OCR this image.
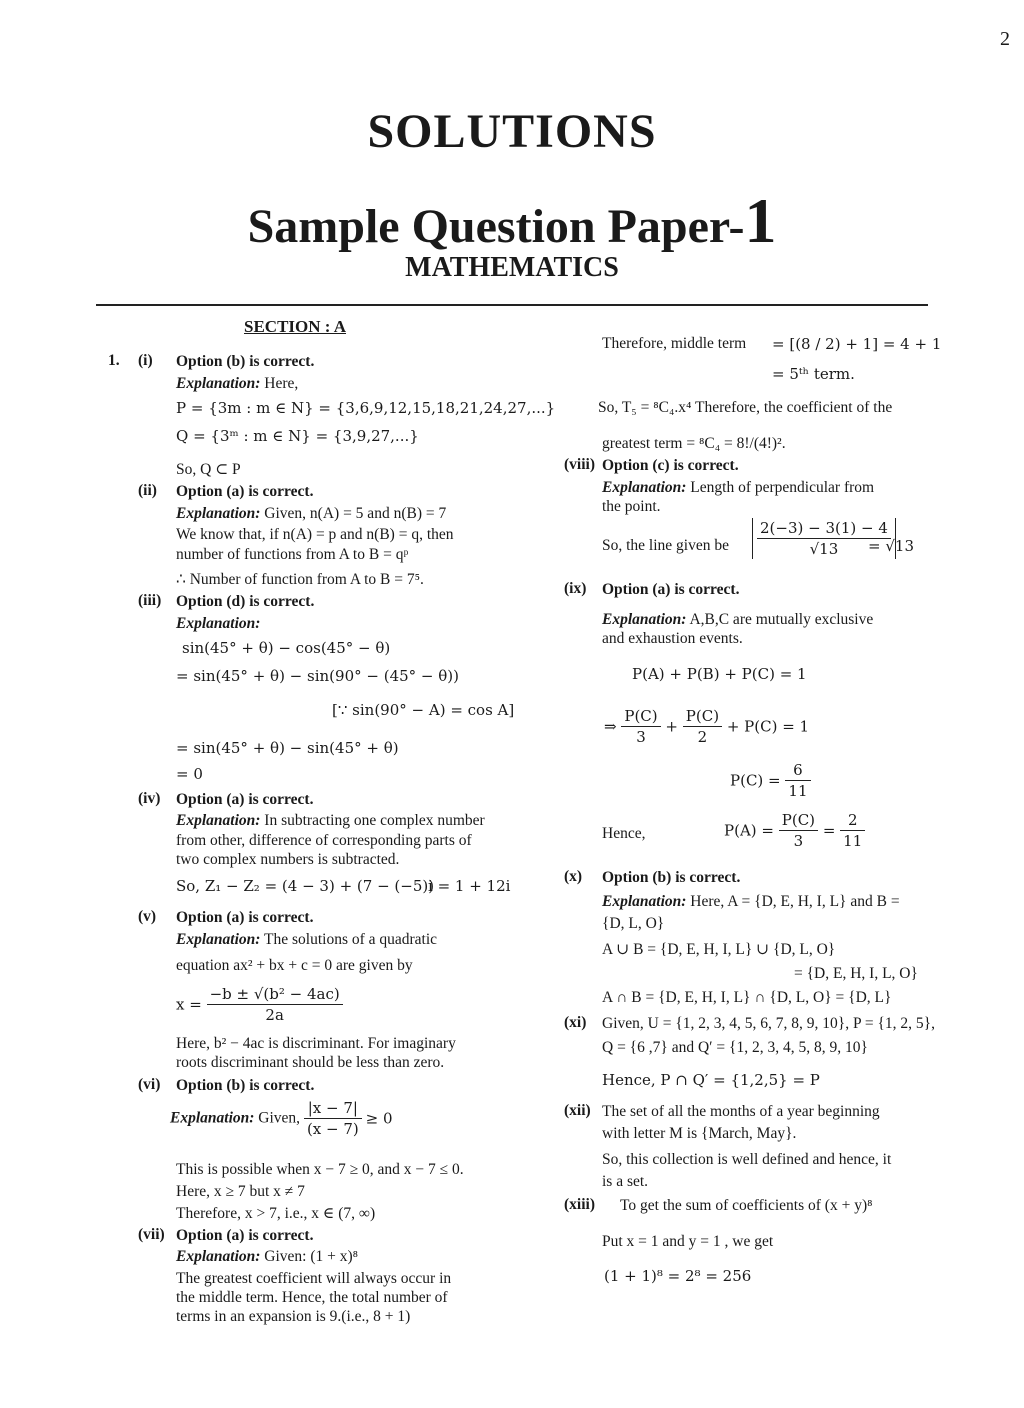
2
SOLUTIONS
Sample Question Paper-1
MATHEMATICS
SECTION : A
1. (i) Option (b) is correct.
Explanation: Here,
P = {3m : m ∈ N} = {3,6,9,12,15,18,21,24,27,...}
Q = {3ᵐ : m ∈ N} = {3,9,27,...}
So, Q ⊂ P
(ii) Option (a) is correct.
Explanation: Given, n(A) = 5 and n(B) = 7
We know that, if n(A) = p and n(B) = q, then
number of functions from A to B = qᵖ
∴ Number of function from A to B = 7⁵.
(iii) Option (d) is correct.
Explanation:
sin(45° + θ) − cos(45° − θ)
= sin(45° + θ) − sin(90° − (45° − θ))
[∵ sin(90° − A) = cos A]
= sin(45° + θ) − sin(45° + θ)
= 0
(iv) Option (a) is correct.
Explanation: In subtracting one complex number
from other, difference of corresponding parts of
two complex numbers is subtracted.
So, Z₁ − Z₂ = (4 − 3) + (7 − (−5))
i = 1 + 12i
(v) Option (a) is correct.
Explanation: The solutions of a quadratic
equation ax² + bx + c = 0 are given by
$x = \frac{\text{−b ± √(b² − 4ac)}}{2a}$
Here, b² − 4ac is discriminant. For imaginary
roots discriminant should be less than zero.
(vi) Option (b) is correct.
Explanation: Given, $\frac{|x - 7|}{(x - 7)} \ge 0$
This is possible when x − 7 ≥ 0, and x − 7 ≤ 0.
Here, x ≥ 7 but x ≠ 7
Therefore, x > 7, i.e., x ∈ (7, ∞)
(vii) Option (a) is correct.
Explanation: Given: (1 + x)⁸
The greatest coefficient will always occur in
the middle term. Hence, the total number of
terms in an expansion is 9.(i.e., 8 + 1)
Therefore, middle term = [(8 / 2) + 1] = 4 + 1
= 5ᵗʰ term.
So, T₅ = ⁸C₄.x⁴ Therefore, the coefficient of the
greatest term = ⁸C₄ = 8!/(4!)².
(viii) Option (c) is correct.
Explanation: Length of perpendicular from
the point.
So, the line given be $\frac{2(-3) - 3(1) - 4}{√13}$
= √13
(ix) Option (a) is correct.
Explanation: A,B,C are mutually exclusive
and exhaustion events.
P(A) + P(B) + P(C) = 1
⇒ $\frac{P(C)}{3} + \frac{P(C)}{2} + P(C) = 1$
$P(C) = \frac{6}{11}$
Hence,	$P(A) = \frac{P(C)}{3} = \frac{2}{11}$
(x) Option (b) is correct.
Explanation: Here, A = {D, E, H, I, L} and B =
{D, L, O}
A ∪ B = {D, E, H, I, L} ∪ {D, L, O}
= {D, E, H, I, L, O}
A ∩ B = {D, E, H, I, L} ∩ {D, L, O} = {D, L}
(xi) Given, U = {1, 2, 3, 4, 5, 6, 7, 8, 9, 10}, P = {1, 2, 5},
Q = {6 ,7} and Q′ = {1, 2, 3, 4, 5, 8, 9, 10}
Hence, P ∩ Q′ = {1,2,5} = P
(xii) The set of all the months of a year beginning
with letter M is {March, May}.
So, this collection is well defined and hence, it
is a set.
(xiii) To get the sum of coefficients of (x + y)⁸
Put x = 1 and y = 1 , we get
(1 + 1)⁸ = 2⁸ = 256
